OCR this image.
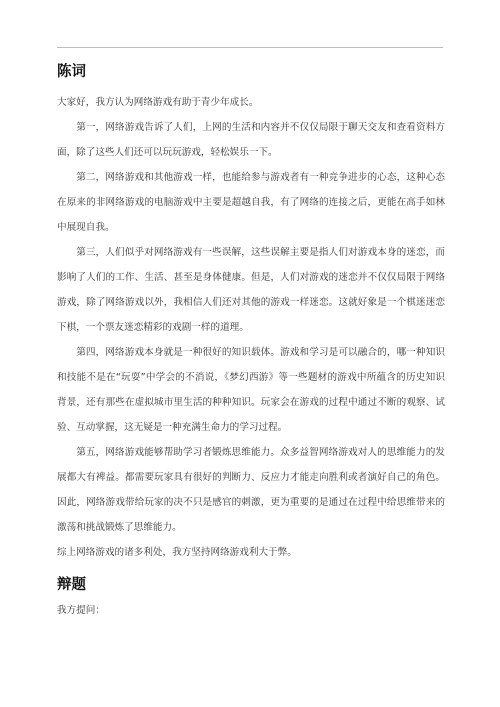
陈词

大家好，我方认为网络游戏有助于青少年成长。

第一，网络游戏告诉了人们，上网的生活和内容并不仅仅局限于聊天交友和查看资料方面，除了这些人们还可以玩玩游戏，轻松娱乐一下。

第二，网络游戏和其他游戏一样，也能给参与游戏者有一种竞争进步的心态，这种心态在原来的非网络游戏的电脑游戏中主要是超越自我，有了网络的连接之后，更能在高手如林中展现自我。

第三，人们似乎对网络游戏有一些误解，这些误解主要是指人们对游戏本身的迷恋，而影响了人们的工作、生活、甚至是身体健康。但是，人们对游戏的迷恋并不仅仅局限于网络游戏，除了网络游戏以外，我相信人们还对其他的游戏一样迷恋。这就好象是一个棋迷迷恋下棋，一个票友迷恋精彩的戏剧一样的道理。

第四，网络游戏本身就是一种很好的知识载体。游戏和学习是可以融合的，哪一种知识和技能不是在“玩耍”中学会的不消说，《梦幻西游》等一些题材的游戏中所蕴含的历史知识背景，还有那些在虚拟城市里生活的种种知识。玩家会在游戏的过程中通过不断的观察、试验、互动掌握，这无疑是一种充满生命力的学习过程。

第五，网络游戏能够帮助学习者锻炼思维能力。众多益智网络游戏对人的思维能力的发展都大有裨益。都需要玩家具有很好的判断力、反应力才能走向胜利或者演好自己的角色。因此，网络游戏带给玩家的决不只是感官的刺激，更为重要的是通过在过程中给思维带来的激荡和挑战锻炼了思维能力。

综上网络游戏的诸多利处，我方坚持网络游戏利大于弊。

辩题

我方提问：
